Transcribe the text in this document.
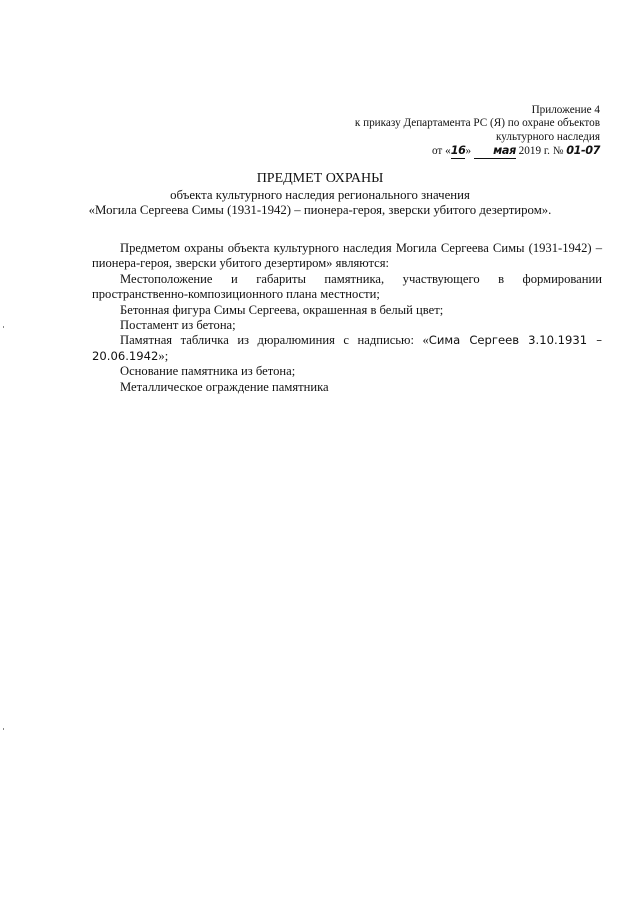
Приложение 4
к приказу Департамента РС (Я) по охране объектов
культурного наследия
от «16» мая 2019 г. № 01-07
ПРЕДМЕТ ОХРАНЫ
объекта культурного наследия регионального значения
«Могила Сергеева Симы (1931-1942) – пионера-героя, зверски убитого дезертиром».

Предметом охраны объекта культурного наследия Могила Сергеева Симы (1931-1942) – пионера-героя, зверски убитого дезертиром» являются:

Местоположение и габариты памятника, участвующего в формировании пространственно-композиционного плана местности;

Бетонная фигура Симы Сергеева, окрашенная в белый цвет;

Постамент из бетона;

Памятная табличка из дюралюминия с надписью: «Сима Сергеев 3.10.1931 – 20.06.1942»;

Основание памятника из бетона;

Металлическое ограждение памятника
